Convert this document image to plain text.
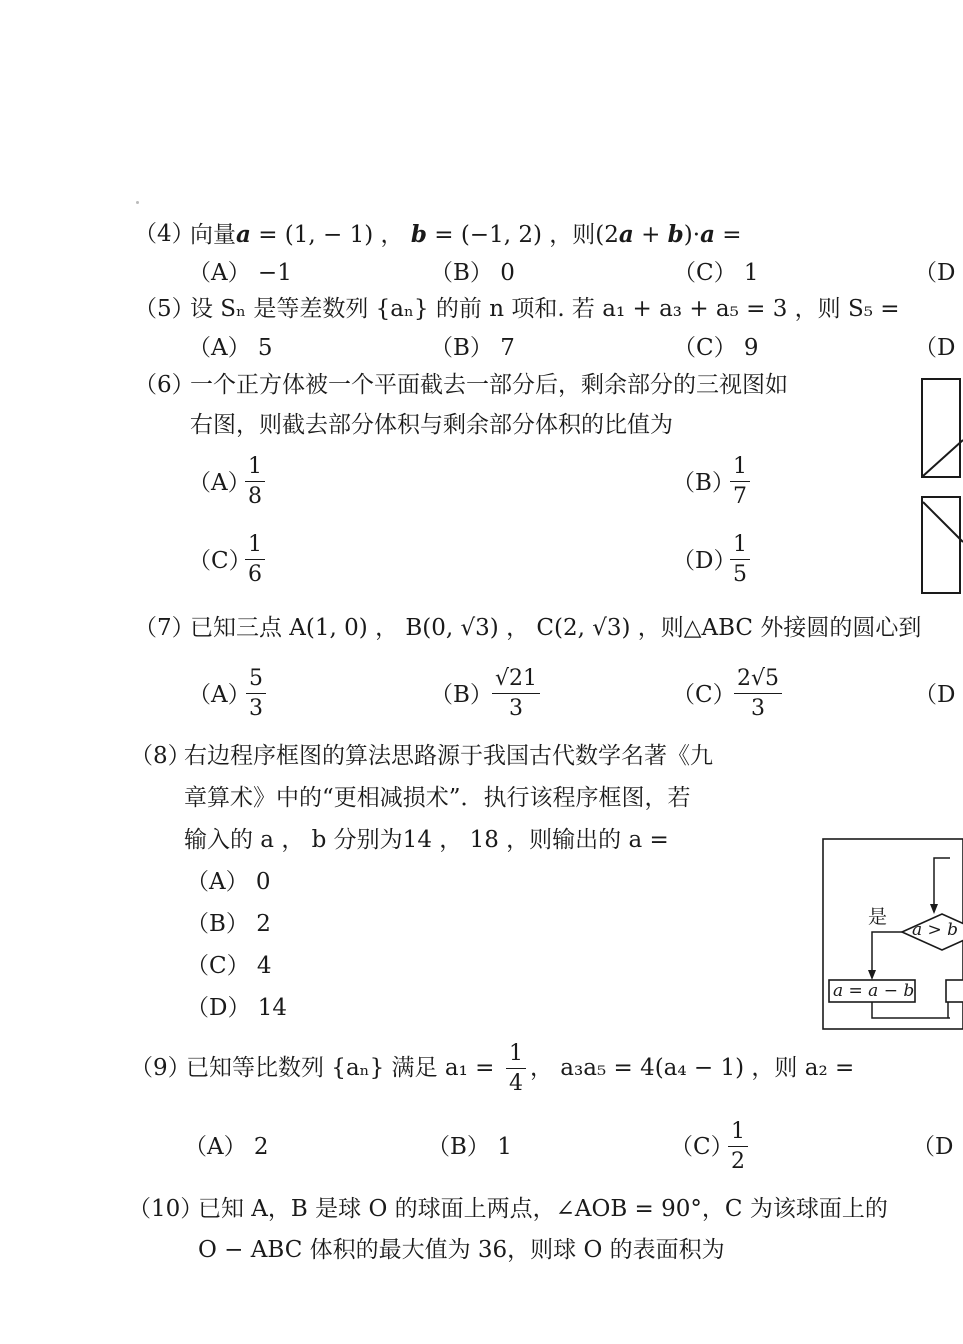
（4）
向量a = (1, − 1) ， b = (−1, 2) ，则(2a + b)·a =
（A） −1	（B） 0	（C） 1	（D
（5）
设 Sₙ 是等差数列 {aₙ} 的前 n 项和. 若 a₁ + a₃ + a₅ = 3 ，则 S₅ =
（A） 5	（B） 7	（C） 9	（D
（6）
一个正方体被一个平面截去一部分后，剩余部分的三视图如
右图，则截去部分体积与剩余部分体积的比值为
（A）
$\frac{1}{8}$	（B）
$\frac{1}{7}$
（C）
$\frac{1}{6}$	（D）
$\frac{1}{5}$
（7）
已知三点 A(1, 0) ， B(0, √3) ， C(2, √3) ，则△ABC 外接圆的圆心到
（A）
$\frac{5}{3}$	$(B) \frac{√21}{3}$	（C）
$\frac{2√5}{3}$	（D
（8）
右边程序框图的算法思路源于我国古代数学名著《九
章算术》中的“更相减损术”．执行该程序框图，若
输入的 a ， b 分别为14 ， 18 ，则输出的 a =
（A） 0
（B） 2
（C） 4
（D） 14
是
a > b
a = a − b
（9）
已知等比数列 {aₙ} 满足 $a_1 = \frac{1}{4}$ ， a₃a₅ = 4(a₄ − 1) ，则 a₂ =
（A） 2	（B） 1	（C）
$\frac{1}{2}$	（D
（10）
已知 A，B 是球 O 的球面上两点，∠AOB = 90°，C 为该球面上的
O − ABC 体积的最大值为 36，则球 O 的表面积为
